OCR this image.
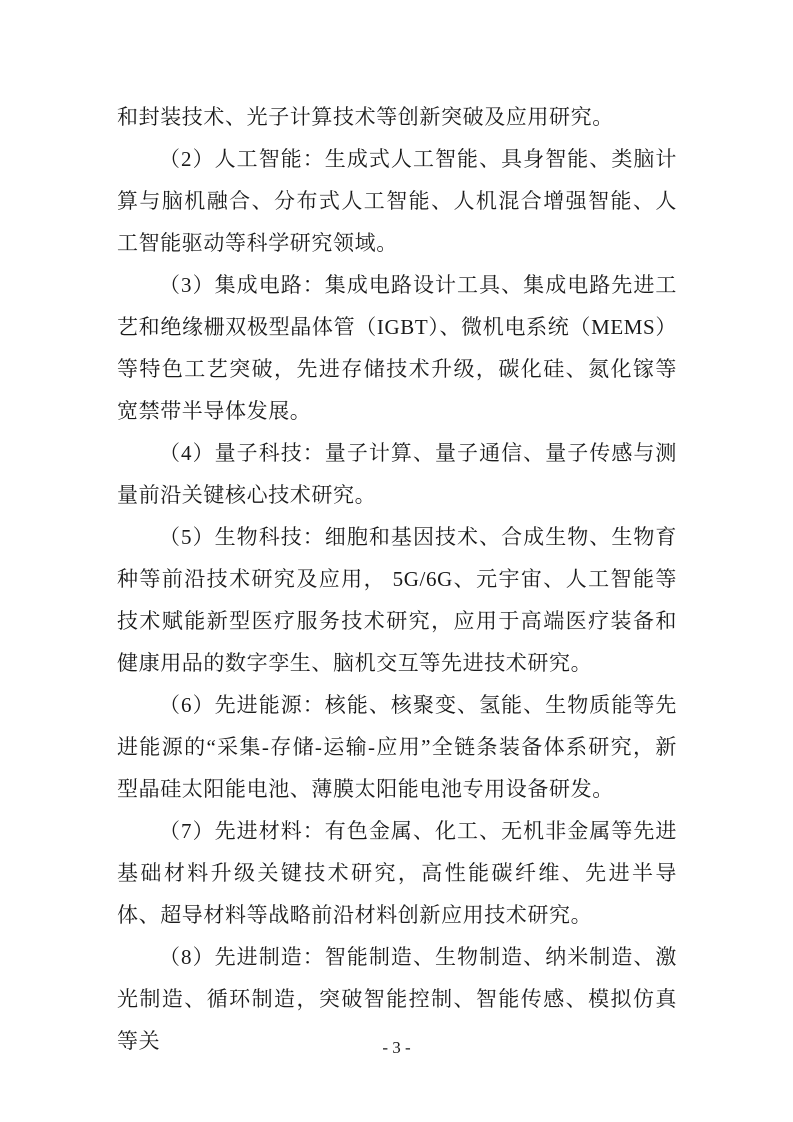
和封装技术、光子计算技术等创新突破及应用研究。

（2）人工智能：生成式人工智能、具身智能、类脑计算与脑机融合、分布式人工智能、人机混合增强智能、人工智能驱动等科学研究领域。

（3）集成电路：集成电路设计工具、集成电路先进工艺和绝缘栅双极型晶体管（IGBT）、微机电系统（MEMS）等特色工艺突破，先进存储技术升级，碳化硅、氮化镓等宽禁带半导体发展。

（4）量子科技：量子计算、量子通信、量子传感与测量前沿关键核心技术研究。

（5）生物科技：细胞和基因技术、合成生物、生物育种等前沿技术研究及应用， 5G/6G、元宇宙、人工智能等技术赋能新型医疗服务技术研究，应用于高端医疗装备和健康用品的数字孪生、脑机交互等先进技术研究。

（6）先进能源：核能、核聚变、氢能、生物质能等先进能源的“采集-存储-运输-应用”全链条装备体系研究，新型晶硅太阳能电池、薄膜太阳能电池专用设备研发。

（7）先进材料：有色金属、化工、无机非金属等先进基础材料升级关键技术研究，高性能碳纤维、先进半导体、超导材料等战略前沿材料创新应用技术研究。

（8）先进制造：智能制造、生物制造、纳米制造、激光制造、循环制造，突破智能控制、智能传感、模拟仿真等关	- 3 -
